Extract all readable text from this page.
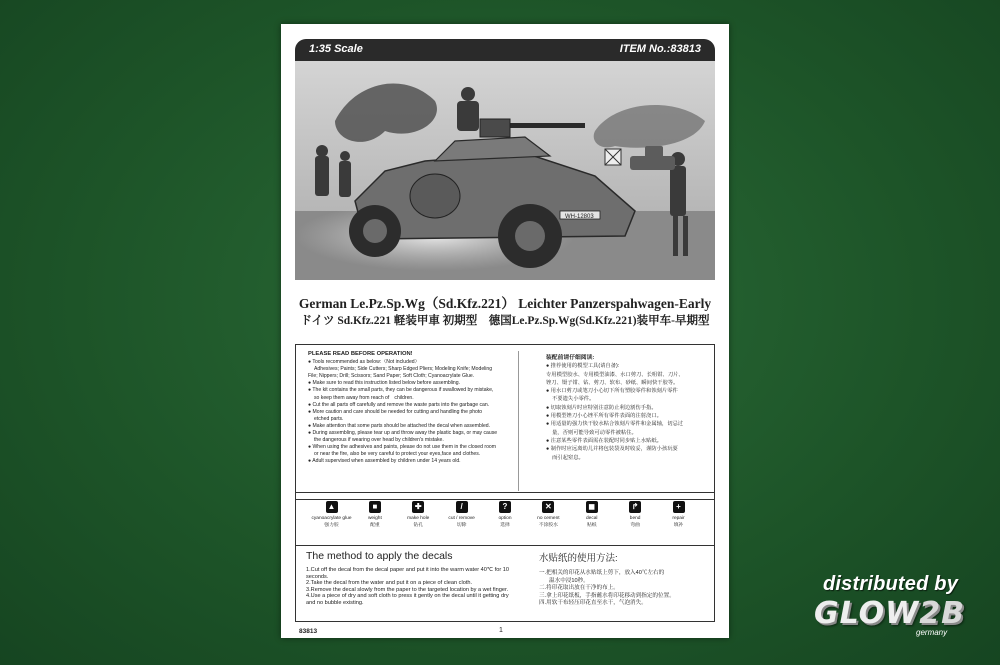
1:35 Scale	ITEM No.:83813
WH-12803
German Le.Pz.Sp.Wg（Sd.Kfz.221） Leichter Panzerspahwagen-Early
ドイツ Sd.Kfz.221 軽装甲車 初期型　德国Le.Pz.Sp.Wg(Sd.Kfz.221)装甲车-早期型
PLEASE READ BEFORE OPERATION!
● Tools recommended as below:（Not included）
Adhesives; Paints; Side Cutters; Sharp Edged Pliers; Modeling Knife; Modeling
File; Nippers; Drill; Scissors; Sand Paper; Soft Cloth; Cyanoacrylate Glue.
● Make sure to read this instruction listed below before assembling.
● The kit contains the small parts, they can be dangerous if swallowed by mistake,
so keep them away from reach of　children.
● Cut the all parts off carefully and remove the waste parts into the garbage can.
● More caution and care should be needed for cutting and handling the photo
etched parts.
● Make attention that some parts should be attached the decal when assembled.
● During assembling, please tear up and throw away the plastic bags, or may cause
the dangerous if wearing over head by children's mistake.
● When using the adhesives and paints, please do not use them in the closed room
or near the fire, also be very careful to protect your eyes,face and clothes.
● Adult supervised when assembled by children under 14 years old.
装配前请仔细阅读:
● 推荐使用的模型工具(请自备):
专用模型胶水、专用模型油漆、水口剪刀、长咀钳、刀片、
锉刀、镊子钳、钻、剪刀、软布、砂纸、瞬间快干胶等。
● 用水口剪刀或笔刀小心切下所有塑胶零件和蚀刻片零件
不要遗失小零件。
● 切取蚀刻片时应特别注意防止利边割伤手指。
● 用模型锉刀小心锉平所有零件表面的注射浇口。
● 用适量的强力快干胶水粘合蚀刻片零件和金属轴，切忌过
量，否则可能导致可动零件被粘住。
● 注意某些零件表面需在装配时同步贴上水贴纸。
● 制作时应远离幼儿并将包装袋及时收妥，谨防小孩玩耍
而引起窒息。
▲
cyanoacrylate glue
强力胶
■
weight
配重
✚
make hole
钻孔
/
cut / remove
切除
?
option
选择
✕
no cement
不涂胶水
◼
decal
贴纸
↱
bend
弯曲
+
repair
填补
The method to apply the decals
1.Cut off the decal from the decal paper and put it into the warm water 40℃ for 10
seconds.
2.Take the decal from the water and put it on a piece of clean cloth.
3.Remove the decal slowly from the paper to the targeted location by a wet finger.
4.Use a piece of dry and soft cloth to press it gently on the decal until it getting dry
and no bubble existing.
水贴纸的使用方法:
一.把相关的印花从水贴纸上剪下，放入40℃左右的
温水中浸10秒。
二.将印花取出放在干净的布上。
三.拿上印花纸板，手指蘸水将印花移动到指定的位置。
四.用软干布轻压印花直至水干，气泡消失。
83813	1
distributed by
GLOW2B
germany
